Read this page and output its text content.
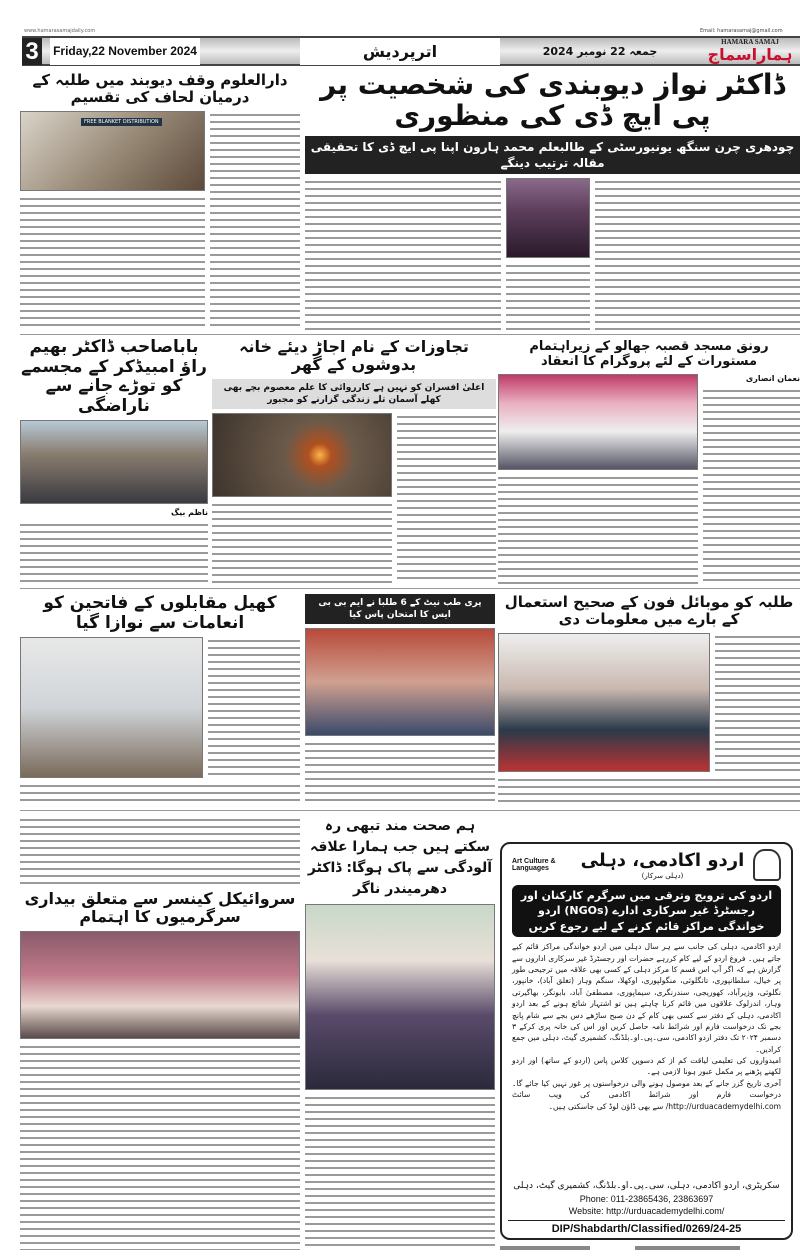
www.hamarasamajdaily.com	Email: hamarasamaj@gmail.com
3 Friday,22 November 2024	اترپردیش	جمعہ 22 نومبر 2024
HAMARA SAMAJ
ہماراسماج
ڈاکٹر نواز دیوبندی کی شخصیت پر پی ایچ ڈی کی منظوری
چودھری چرن سنگھ یونیورسٹی کے طالبعلم محمد ہارون اپنا پی ایچ ڈی کا تحقیقی مقالہ ترتیب دینگے
دارالعلوم وقف دیوبند میں طلبہ کے درمیان لحاف کی تقسیم
FREE BLANKET DISTRIBUTION
باباصاحب ڈاکٹر بھیم راؤ امبیڈکر کے مجسمے کو توڑے جانے سے ناراضگی
ناظم بیگ
تجاوزات کے نام اجاڑ دیئے خانہ بدوشوں کے گھر
اعلیٰ افسران کو نہیں ہے کارروائی کا علم معصوم بچے بھی کھلے آسمان تلے زندگی گزارنے کو مجبور
رونق مسجد قصبہ جھالو کے زیراہتمام مستورات کے لئے پروگرام کا انعقاد
نعمان انصاری
کھیل مقابلوں کے فاتحین کو انعامات سے نوازا گیا
پری طب نیٹ کے 6 طلبا نے ایم بی بی ایس کا امتحان پاس کیا
طلبہ کو موبائل فون کے صحیح استعمال کے بارے میں معلومات دی
سروائیکل کینسر سے متعلق بیداری سرگرمیوں کا اہتمام
ہم صحت مند تبھی رہ سکتے ہیں جب ہمارا علاقہ آلودگی سے پاک ہوگا: ڈاکٹر دھرمیندر ناگر
Art Culture & Languages	اردو اکادمی، دہلی
(دہلی سرکار)
اردو کی ترویج وترقی میں سرگرم کارکنان اور رجسٹرڈ غیر سرکاری ادارے (NGOs) اردو خواندگی مراکز قائم کرنے کے لیے رجوع کریں
اردو اکادمی، دہلی کی جانب سے ہر سال دہلی میں اردو خواندگی مراکز قائم کیے جاتے ہیں۔ فروغ اردو کے لیے کام کررہے حضرات اور رجسٹرڈ غیر سرکاری اداروں سے گزارش ہے کہ اگر آپ اس قسم کا مرکز دہلی کے کسی بھی علاقہ میں ترجیحی طور پر خیال، سلطانپوری، تانگلوئی، منگولپوری، اوکھلا، سنگم وہار (تغلق آباد)، خانپور، نگلوئی، وزیرآباد، کھوریجی، سندرنگری، سیماپوری، مصطفیٰ آباد، بابونگر، بھاگیرتی وہار، اندرلوک علاقوں میں قائم کرنا چاہتے ہیں تو اشتہار شائع ہونے کے بعد اردو اکادمی، دہلی کے دفتر سے کسی بھی کام کے دن صبح ساڑھے دس بجے سے شام پانچ بجے تک درخواست فارم اور شرائط نامہ حاصل کریں اور اس کی خانہ پری کرکے ۳ دسمبر ۲۰۲۴ تک دفتر اردو اکادمی، سی۔پی۔او۔بلڈنگ، کشمیری گیٹ، دہلی میں جمع کرادیں۔
امیدواروں کی تعلیمی لیاقت کم از کم دسویں کلاس پاس (اردو کے ساتھ) اور اردو لکھنے پڑھنے پر مکمل عبور ہونا لازمی ہے۔
آخری تاریخ گزر جانے کے بعد موصول ہونے والی درخواستوں پر غور نہیں کیا جائے گا۔ درخواست فارم اور شرائط اکادمی کی ویب سائٹ http://urduacademydelhi.com/ سے بھی ڈاؤن لوڈ کی جاسکتی ہیں۔
سکریٹری، اردو اکادمی، دہلی، سی۔پی۔او۔بلڈنگ، کشمیری گیٹ، دہلی
Phone: 011-23865436, 23863697
Website: http://urduacademydelhi.com/
DIP/Shabdarth/Classified/0269/24-25
